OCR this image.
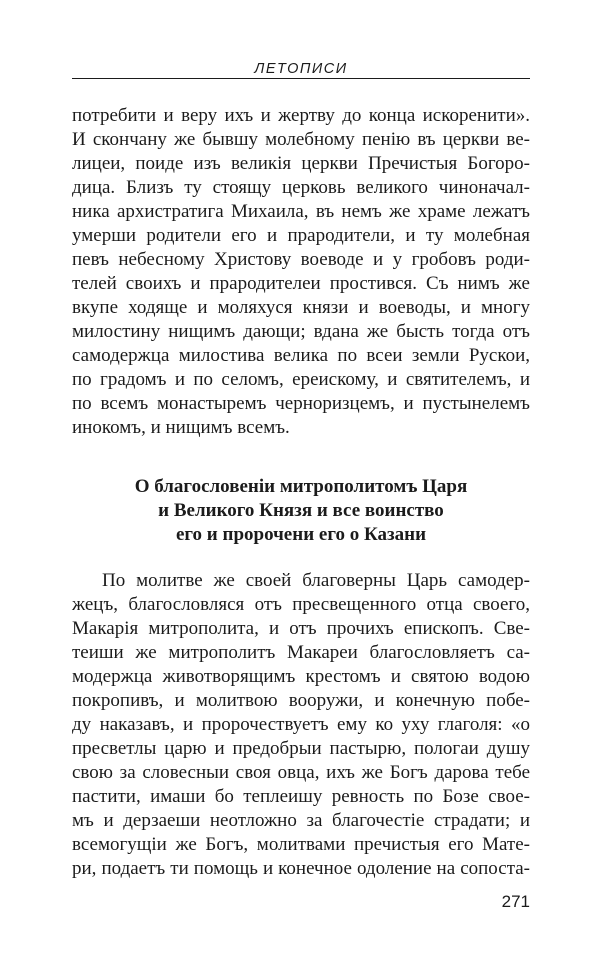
ЛЕТОПИСИ
потребити и веру ихъ и жертву до конца искоренити».
И скончану же бывшу молебному пенію въ церкви ве-
лицеи, поиде изъ великія церкви Пречистыя Богоро-
дица. Близъ ту стоящу церковь великого чиноначал-
ника архистратига Михаила, въ немъ же храме лежатъ
умерши родители его и прародители, и ту молебная
певъ небесному Христову воеводе и у гробовъ роди-
телей своихъ и прародителеи простився. Съ нимъ же
вкупе ходяще и моляхуся князи и воеводы, и многу
милостину нищимъ дающи; вдана же бысть тогда отъ
самодержца милостива велика по всеи земли Рускои,
по градомъ и по селомъ, ереискому, и святителемъ, и
по всемъ монастыремъ черноризцемъ, и пустынелемъ
инокомъ, и нищимъ всемъ.
О благословеніи митрополитомъ Царя
и Великого Князя и все воинство
его и пророчени его о Казани
По молитве же своей благоверны Царь самодер-
жецъ, благословляся отъ пресвещенного отца своего,
Макарія митрополита, и отъ прочихъ епископъ. Све-
теиши же митрополитъ Макареи благословляетъ са-
модержца животворящимъ крестомъ и святою водою
покропивъ, и молитвою вооружи, и конечную побе-
ду наказавъ, и пророчествуетъ ему ко уху глаголя: «о
пресветлы царю и предобрыи пастырю, пологаи душу
свою за словесныи своя овца, ихъ же Богъ дарова тебе
пастити, имаши бо теплеишу ревность по Бозе свое-
мъ и дерзаеши неотложно за благочестіе страдати; и
всемогущіи же Богъ, молитвами пречистыя его Мате-
ри, подаетъ ти помощь и конечное одоление на сопоста-
271
